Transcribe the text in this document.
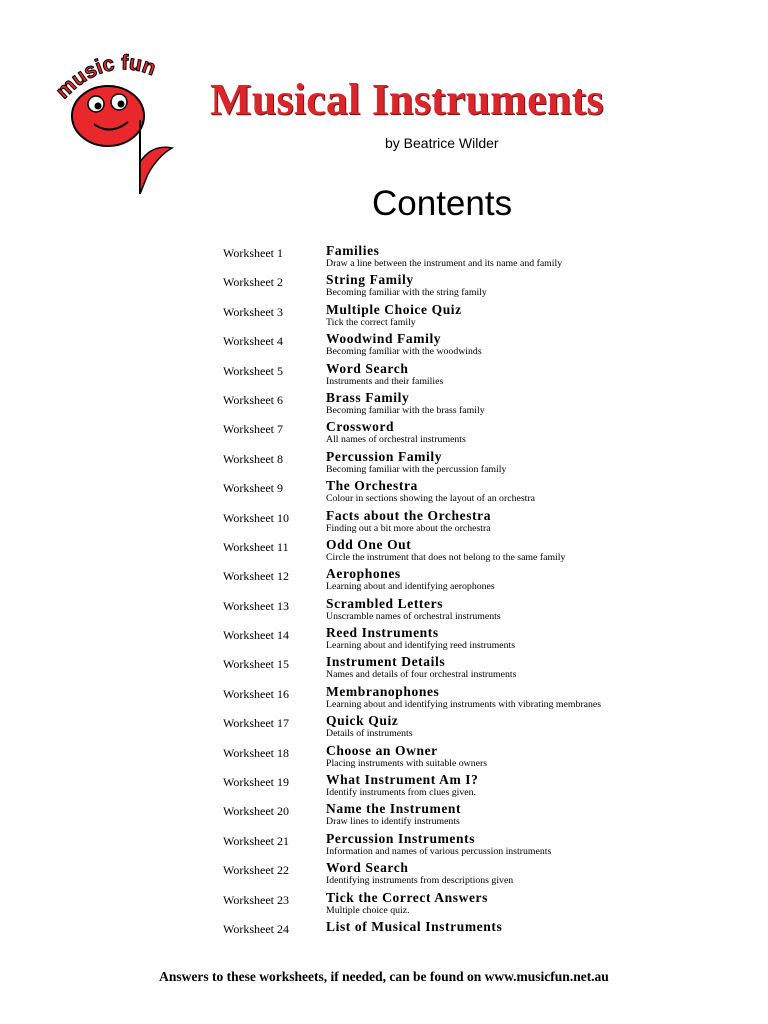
usic fun
Musical Instruments
by Beatrice Wilder
Contents
Worksheet 1	Families
Draw a line between the instrument and its name and family
Worksheet 2	String Family
Becoming familiar with the string family
Worksheet 3	Multiple Choice Quiz
Tick the correct family
Worksheet 4	Woodwind Family
Becoming familiar with the woodwinds
Worksheet 5	Word Search
Instruments and their families
Worksheet 6	Brass Family
Becoming familiar with the brass family
Worksheet 7	Crossword
All names of orchestral instruments
Worksheet 8	Percussion Family
Becoming familiar with the percussion family
Worksheet 9	The Orchestra
Colour in sections showing the layout of an orchestra
Worksheet 10	Facts about the Orchestra
Finding out a bit more about the orchestra
Worksheet 11	Odd One Out
Circle the instrument that does not belong to the same family
Worksheet 12	Aerophones
Learning about and identifying aerophones
Worksheet 13	Scrambled Letters
Unscramble names of orchestral instruments
Worksheet 14	Reed Instruments
Learning about and identifying reed instruments
Worksheet 15	Instrument Details
Names and details of four orchestral instruments
Worksheet 16	Membranophones
Learning about and identifying instruments with vibrating membranes
Worksheet 17	Quick Quiz
Details of instruments
Worksheet 18	Choose an Owner
Placing instruments with suitable owners
Worksheet 19	What Instrument Am I?
Identify instruments from clues given.
Worksheet 20	Name the Instrument
Draw lines to identify instruments
Worksheet 21	Percussion Instruments
Information and names of various percussion instruments
Worksheet 22	Word Search
Identifying instruments from descriptions given
Worksheet 23	Tick the Correct Answers
Multiple choice quiz.
Worksheet 24	List of Musical Instruments
Answers to these worksheets, if needed, can be found on www.musicfun.net.au
